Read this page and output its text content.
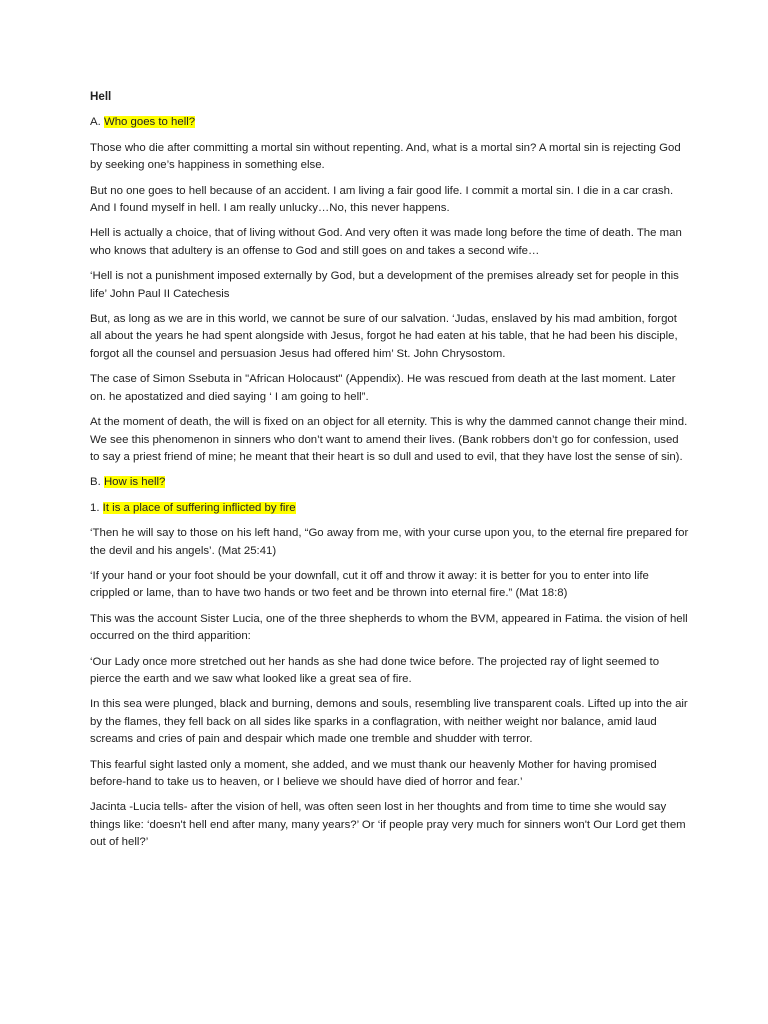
Hell

A. Who goes to hell?

Those who die after committing a mortal sin without repenting. And, what is a mortal sin? A mortal sin is rejecting God by seeking one’s happiness in something else.

But no one goes to hell because of an accident. I am living a fair good life. I commit a mortal sin. I die in a car crash. And I found myself in hell. I am really unlucky…No, this never happens.

Hell is actually a choice, that of living without God. And very often it was made long before the time of death. The man who knows that adultery is an offense to God and still goes on and takes a second wife…

‘Hell is not a punishment imposed externally by God, but a development of the premises already set for people in this life’ John Paul II Catechesis

But, as long as we are in this world, we cannot be sure of our salvation. ‘Judas, enslaved by his mad ambition, forgot all about the years he had spent alongside with Jesus, forgot he had eaten at his table, that he had been his disciple, forgot all the counsel and persuasion Jesus had offered him’ St. John Chrysostom.

The case of Simon Ssebuta in "African Holocaust" (Appendix). He was rescued from death at the last moment. Later on. he apostatized and died saying ‘ I am going to hell”.

At the moment of death, the will is fixed on an object for all eternity. This is why the dammed cannot change their mind. We see this phenomenon in sinners who don’t want to amend their lives. (Bank robbers don’t go for confession, used to say a priest friend of mine; he meant that their heart is so dull and used to evil, that they have lost the sense of sin).

B. How is hell?

1. It is a place of suffering inflicted by fire

‘Then he will say to those on his left hand, “Go away from me, with your curse upon you, to the eternal fire prepared for the devil and his angels’. (Mat 25:41)

‘If your hand or your foot should be your downfall, cut it off and throw it away: it is better for you to enter into life crippled or lame, than to have two hands or two feet and be thrown into eternal fire.” (Mat 18:8)

This was the account Sister Lucia, one of the three shepherds to whom the BVM, appeared in Fatima. the vision of hell occurred on the third apparition:

‘Our Lady once more stretched out her hands as she had done twice before. The projected ray of light seemed to pierce the earth and we saw what looked like a great sea of fire.

In this sea were plunged, black and burning, demons and souls, resembling live transparent coals. Lifted up into the air by the flames, they fell back on all sides like sparks in a conflagration, with neither weight nor balance, amid laud screams and cries of pain and despair which made one tremble and shudder with terror.

This fearful sight lasted only a moment, she added, and we must thank our heavenly Mother for having promised before-hand to take us to heaven, or I believe we should have died of horror and fear.’

Jacinta -Lucia tells- after the vision of hell, was often seen lost in her thoughts and from time to time she would say things like: ‘doesn't hell end after many, many years?’ Or ‘if people pray very much for sinners won't Our Lord get them out of hell?’
